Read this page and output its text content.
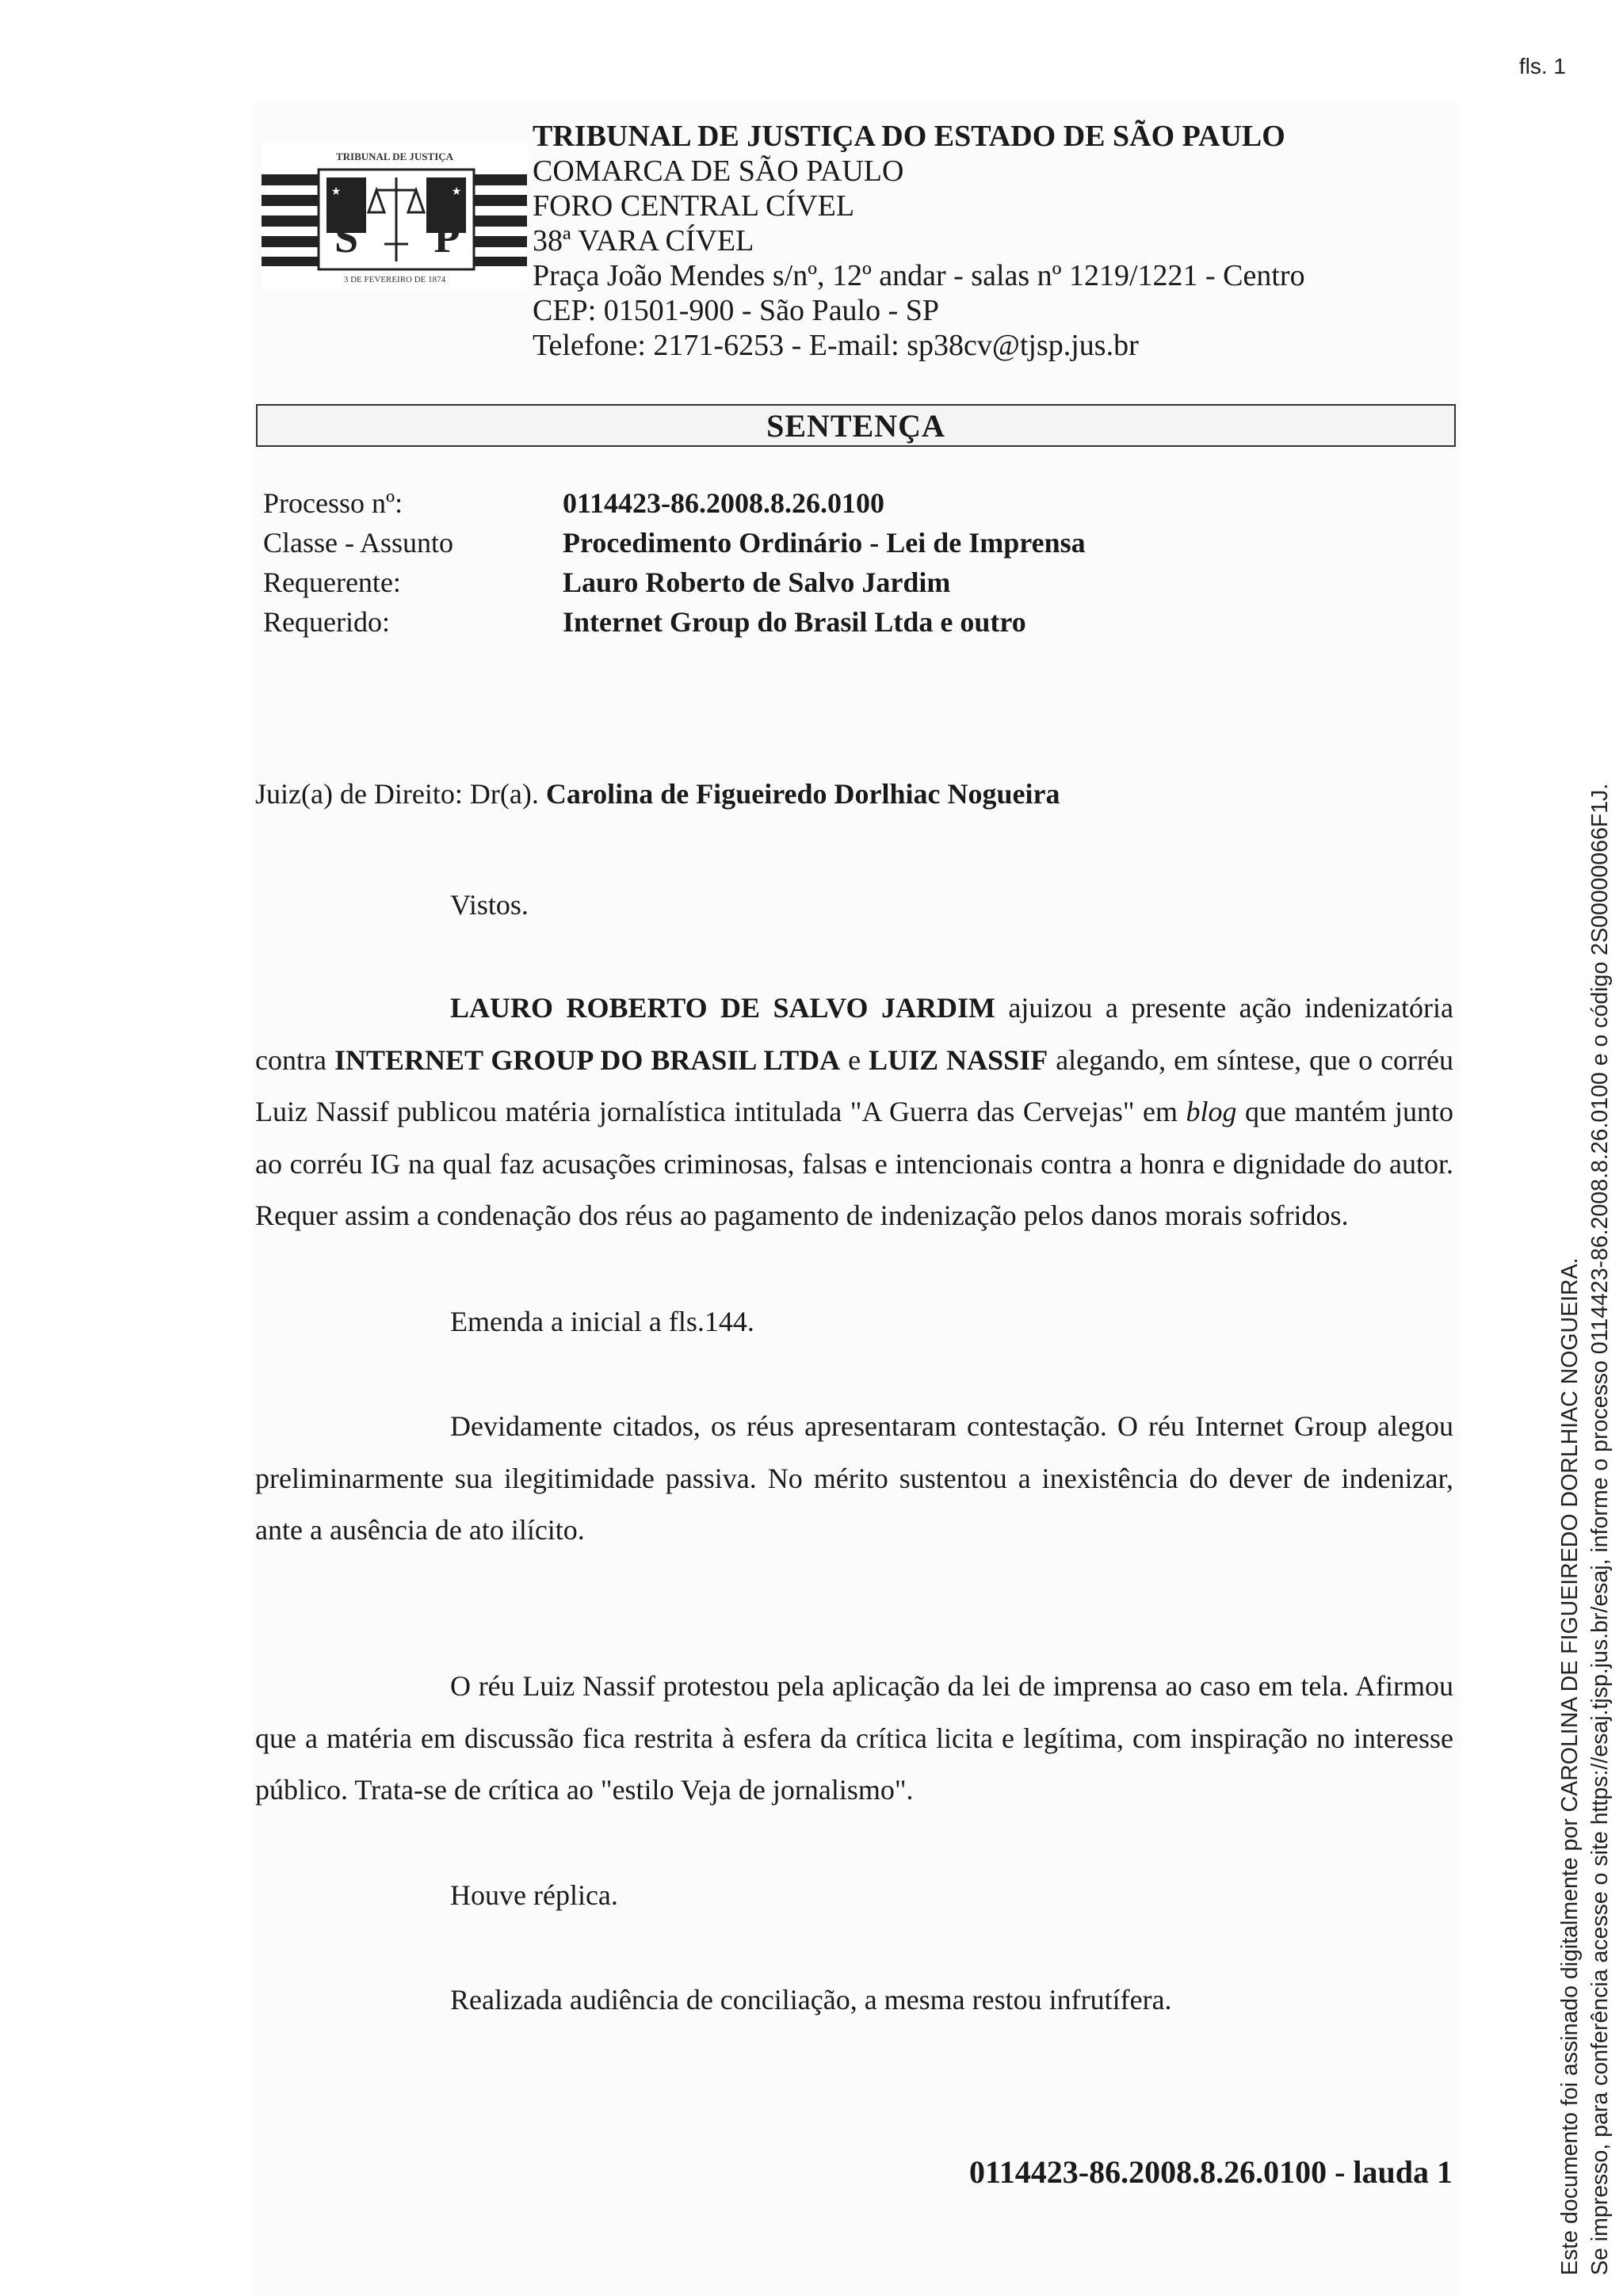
fls. 1
TRIBUNAL DE JUSTIÇA
S P
★	★
3 DE FEVEREIRO DE 1874
TRIBUNAL DE JUSTIÇA DO ESTADO DE SÃO PAULO
COMARCA DE SÃO PAULO
FORO CENTRAL CÍVEL
38ª VARA CÍVEL
Praça João Mendes s/nº, 12º andar - salas nº 1219/1221 - Centro
CEP: 01501-900 - São Paulo - SP
Telefone: 2171-6253 - E-mail: sp38cv@tjsp.jus.br
SENTENÇA
Processo nº:	0114423-86.2008.8.26.0100
Classe - Assunto	Procedimento Ordinário - Lei de Imprensa
Requerente:	Lauro Roberto de Salvo Jardim
Requerido:	Internet Group do Brasil Ltda e outro
Juiz(a) de Direito: Dr(a). Carolina de Figueiredo Dorlhiac Nogueira

Vistos.

LAURO ROBERTO DE SALVO JARDIM ajuizou a presente ação indenizatória contra INTERNET GROUP DO BRASIL LTDA e LUIZ NASSIF alegando, em síntese, que o corréu Luiz Nassif publicou matéria jornalística intitulada "A Guerra das Cervejas" em blog que mantém junto ao corréu IG na qual faz acusações criminosas, falsas e intencionais contra a honra e dignidade do autor. Requer assim a condenação dos réus ao pagamento de indenização pelos danos morais sofridos.

Emenda a inicial a fls.144.

Devidamente citados, os réus apresentaram contestação. O réu Internet Group alegou preliminarmente sua ilegitimidade passiva. No mérito sustentou a inexistência do dever de indenizar, ante a ausência de ato ilícito.

O réu Luiz Nassif protestou pela aplicação da lei de imprensa ao caso em tela. Afirmou que a matéria em discussão fica restrita à esfera da crítica licita e legítima, com inspiração no interesse público. Trata-se de crítica ao "estilo Veja de jornalismo".

Houve réplica.

Realizada audiência de conciliação, a mesma restou infrutífera.

0114423-86.2008.8.26.0100 - lauda 1	Este documento foi assinado digitalmente por CAROLINA DE FIGUEIREDO DORLHIAC NOGUEIRA. Se impresso, para conferência acesse o site https://esaj.tjsp.jus.br/esaj, informe o processo 0114423-86.2008.8.26.0100 e o código 2S00000066F1J.
